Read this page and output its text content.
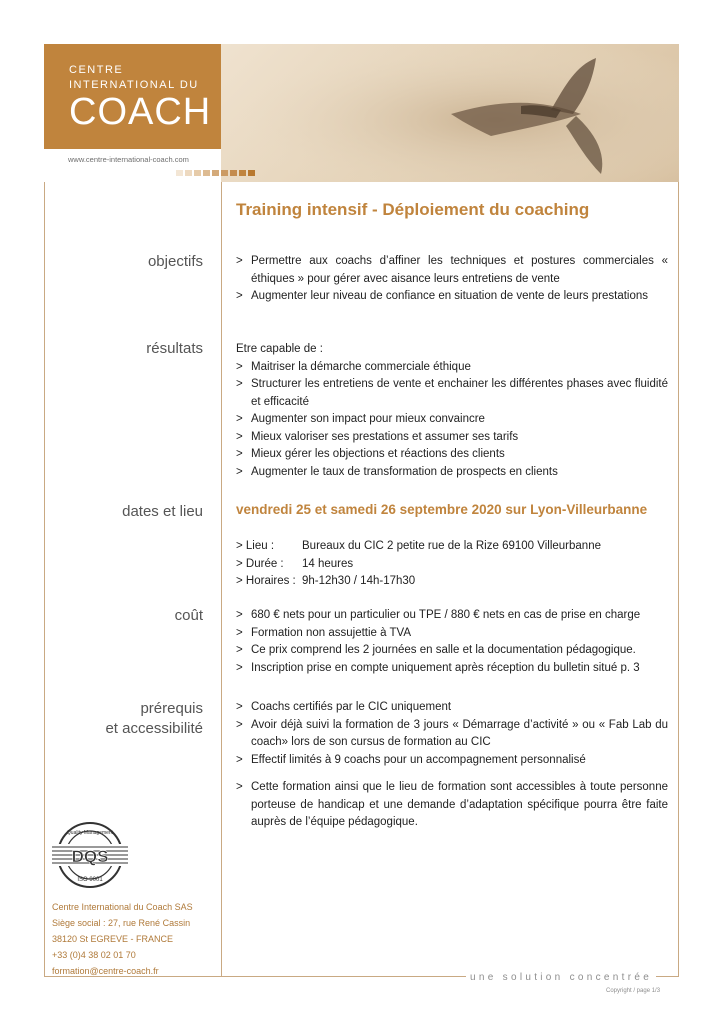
CENTRE
INTERNATIONAL DU
COACH
www.centre-international-coach.com
Training intensif - Déploiement du coaching
objectifs	> Permettre aux coachs d’affiner les techniques et postures commerciales « éthiques » pour gérer avec aisance leurs entretiens de vente
> Augmenter leur niveau de confiance en situation de vente de leurs prestations
résultats	Etre capable de :

> Maitriser la démarche commerciale éthique
> Structurer les entretiens de vente et enchainer les différentes phases avec fluidité et efficacité
> Augmenter son impact pour mieux convaincre
> Mieux valoriser ses prestations et assumer ses tarifs
> Mieux gérer les objections et réactions des clients
> Augmenter le taux de transformation de prospects en clients
dates et lieu vendredi 25 et samedi 26 septembre 2020 sur Lyon-Villeurbanne
> Lieu :	Bureaux du CIC 2 petite rue de la Rize 69100 Villeurbanne
> Durée :	14 heures
> Horaires : 9h-12h30 / 14h-17h30
coût	> 680 € nets pour un particulier ou TPE / 880 € nets en cas de prise en charge
> Formation non assujettie à TVA
> Ce prix comprend les 2 journées en salle et la documentation pédagogique.
> Inscription prise en compte uniquement après réception du bulletin situé p. 3
prérequis
et accessibilité
> Coachs certifiés par le CIC uniquement
> Avoir déjà suivi la formation de 3 jours « Démarrage d’activité » ou « Fab Lab du coach» lors de son cursus de formation au CIC
> Effectif limités à 9 coachs pour un accompagnement personnalisé
> Cette formation ainsi que le lieu de formation sont accessibles à toute personne porteuse de handicap et une demande d’adaptation spécifique pourra être faite auprès de l’équipe pédagogique.
DQS
Quality Management
ISO 9001
Centre International du Coach SAS
Siège social : 27, rue René Cassin
38120 St EGREVE - FRANCE
+33 (0)4 38 02 01 70
formation@centre-coach.fr
une solution concentrée
Copyright / page 1/3
